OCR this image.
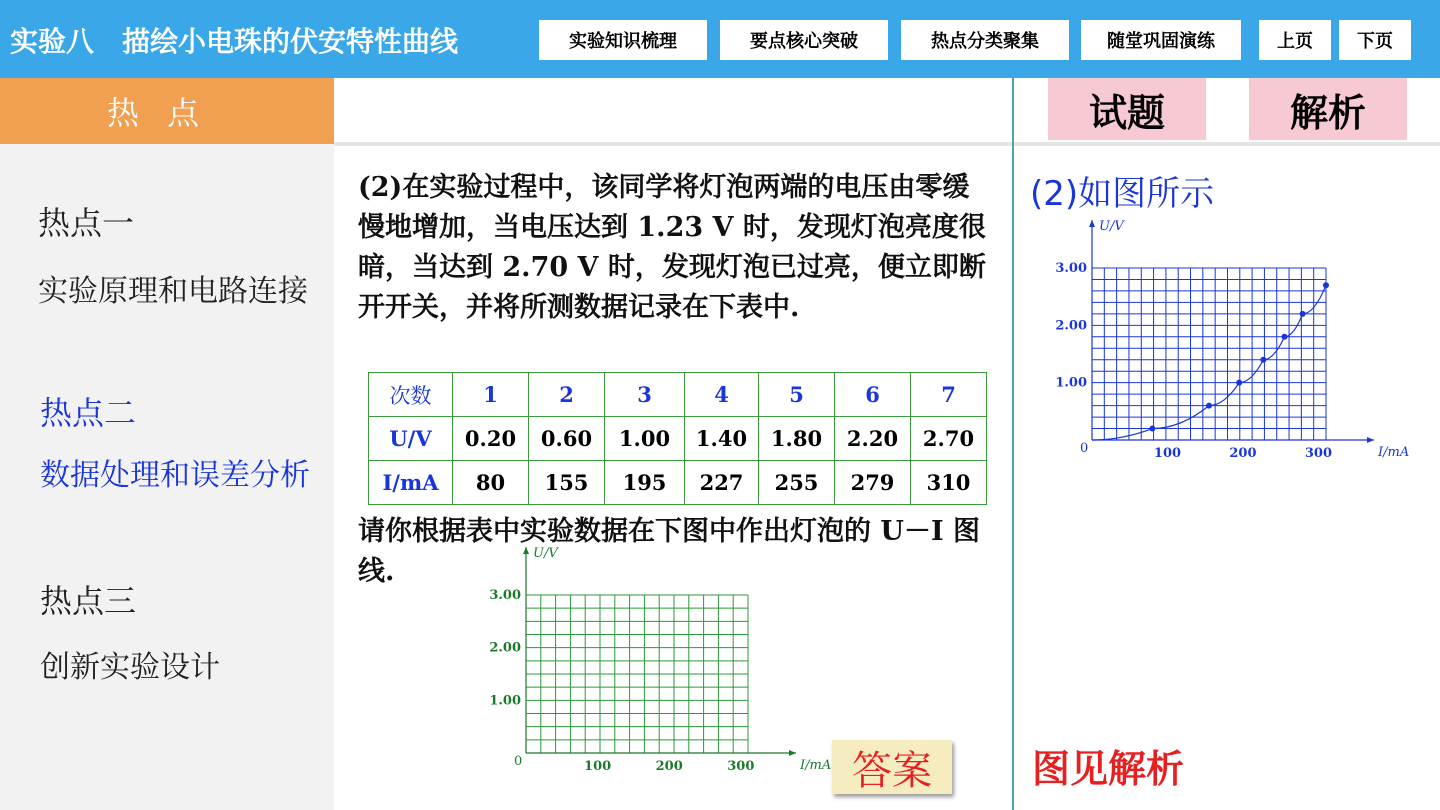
实验八　描绘小电珠的伏安特性曲线	实验知识梳理	要点核心突破	热点分类聚集	随堂巩固演练	上页	下页
热点
热点一
实验原理和电路连接
热点二
数据处理和误差分析
热点三
创新实验设计
试题	解析
(2)在实验过程中，该同学将灯泡两端的电压由零缓慢地增加，当电压达到 1.23 V 时，发现灯泡亮度很暗，当达到 2.70 V 时，发现灯泡已过亮，便立即断开开关，并将所测数据记录在下表中.
次数	1	2	3	4	5	6	7
U/V	0.20	0.60	1.00	1.40	1.80	2.20	2.70
I/mA	80	155	195	227	255	279	310
请你根据表中实验数据在下图中作出灯泡的 U－I 图线.
U/V
I/mA
0	100	200	300
1.00
2.00
3.00
答案
(2)如图所示
U/V
I/mA
0	100	200	300
1.00
2.00
3.00
图见解析
